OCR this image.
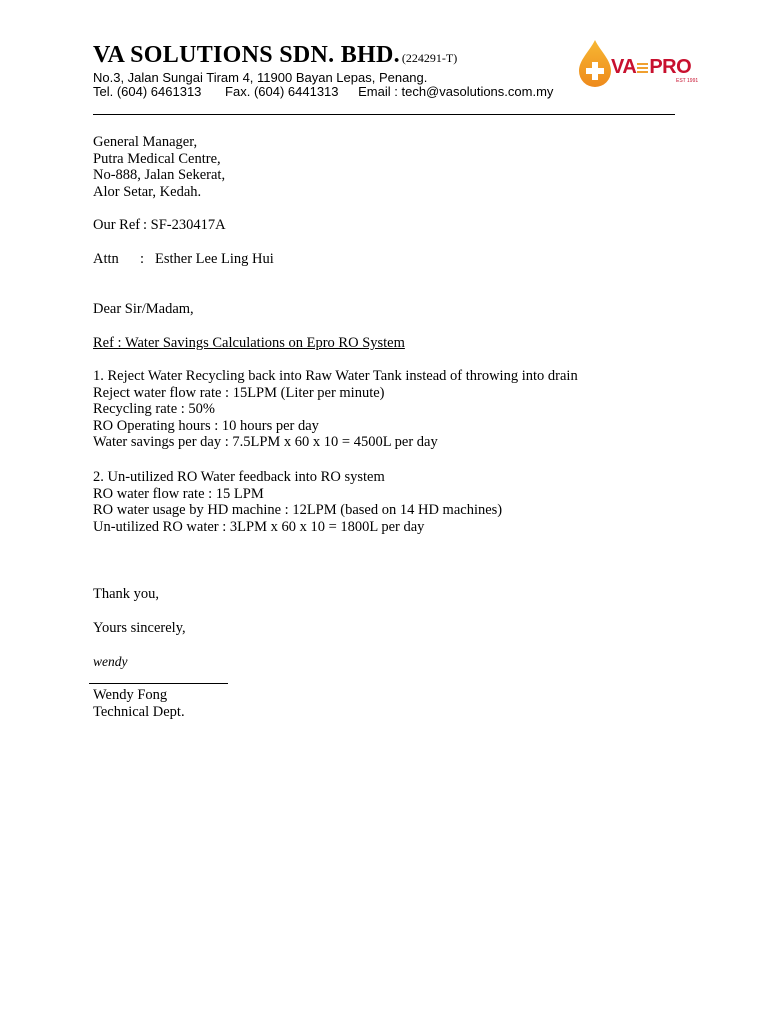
VA SOLUTIONS SDN. BHD. (224291-T)
No.3, Jalan Sungai Tiram 4, 11900 Bayan Lepas, Penang.
Tel. (604) 6461313 Fax. (604) 6441313 Email : tech@vasolutions.com.my
VA PRO
EST 1991
General Manager,
Putra Medical Centre,
No-888, Jalan Sekerat,
Alor Setar, Kedah.
Our Ref : SF-230417A
Attn : Esther Lee Ling Hui
Dear Sir/Madam,
Ref : Water Savings Calculations on Epro RO System
1. Reject Water Recycling back into Raw Water Tank instead of throwing into drain
Reject water flow rate : 15LPM (Liter per minute)
Recycling rate : 50%
RO Operating hours : 10 hours per day
Water savings per day : 7.5LPM x 60 x 10 = 4500L per day
2. Un-utilized RO Water feedback into RO system
RO water flow rate : 15 LPM
RO water usage by HD machine : 12LPM (based on 14 HD machines)
Un-utilized RO water : 3LPM x 60 x 10 = 1800L per day
Thank you,
Yours sincerely,
wendy
Wendy Fong
Technical Dept.
